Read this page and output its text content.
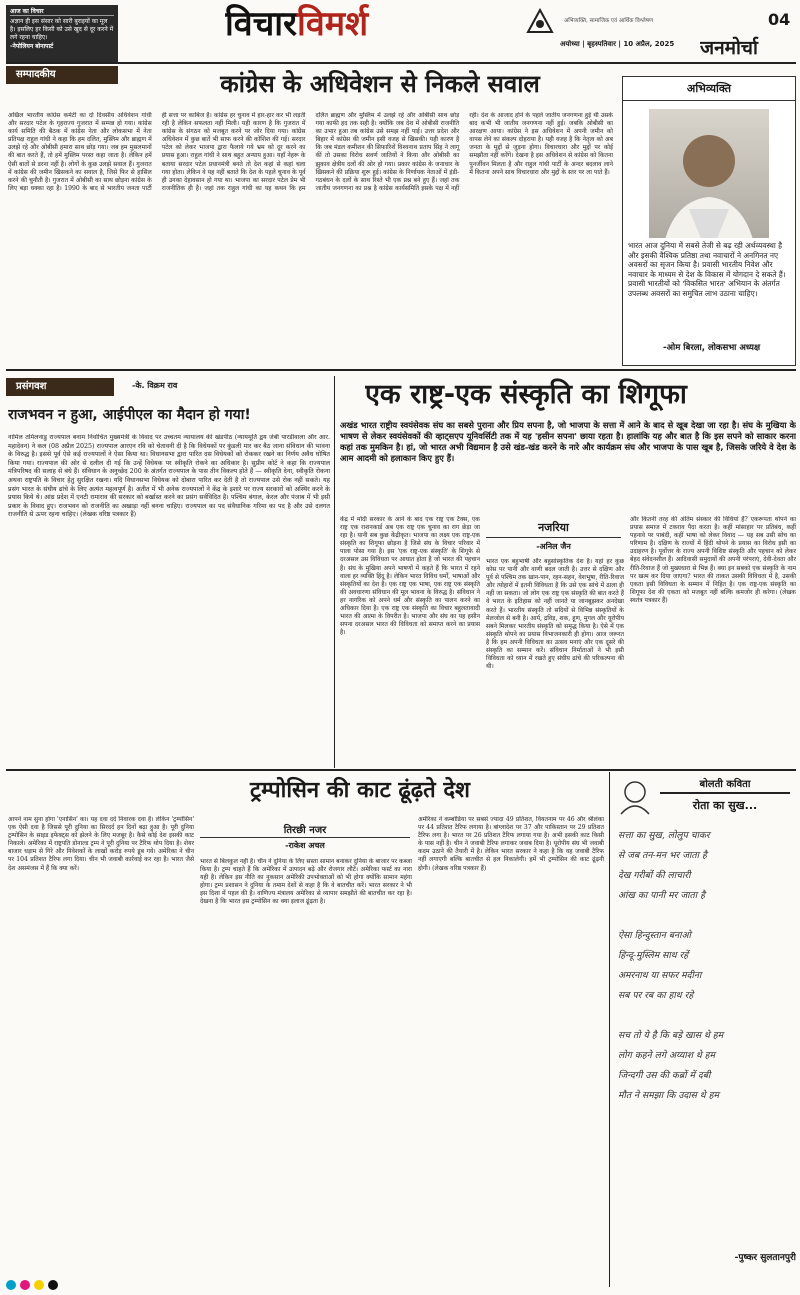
आज का विचार
अज्ञान ही इस संसार को सारी बुराइयों का मूल है। इसलिए हर किसी को उसे खुद से दूर करने में लगे रहना चाहिए।
-नेपोलियन बोनापार्ट
विचारविमर्श	अभिव्यक्ति, सामाजिक एवं आर्थिक विश्लेषण	04
अयोध्या | बृहस्पतिवार | 10 अप्रैल, 2025	जनमोर्चा
सम्पादकीय	कांग्रेस के अधिवेशन से निकले सवाल
अखिल भारतीय कांग्रेस कमेटी का दो दिवसीय अधिवेशन गांधी और सरदार पटेल के गृहराज्य गुजरात में सम्पन्न हो गया। कांग्रेस कार्य समिति की बैठक में कांग्रेस नेता और लोकसभा में नेता प्रतिपक्ष राहुल गांधी ने कहा कि हम दलित, मुस्लिम और ब्राह्मण में उलझे रहे और ओबीसी हमारा साथ छोड़ गया। जब हम मुसलमानों की बात करते हैं, तो हमें मुस्लिम परस्त कहा जाता है। लेकिन हमें ऐसी बातों से डरना नहीं है। लोगों के कुछ उलझे सवाल हैं। गुजरात में कांग्रेस की जमीन खिसकने का सवाल है, जिसे फिर से हासिल करने की चुनौती है। गुजरात में ओबीसी का साथ छोड़ना कांग्रेस के लिए बड़ा धक्का रहा है। 1990 के बाद से भारतीय जनता पार्टी ही सत्ता पर काबिज है। कांग्रेस हर चुनाव में हार-हार कर भी लड़ती रही है लेकिन सफलता नहीं मिली। यही कारण है कि गुजरात में कांग्रेस के संगठन को मजबूत करने पर जोर दिया गया। कांग्रेस अधिवेशन में कुछ बातें भी साफ करने की कोशिश की गई। सरदार पटेल को लेकर भाजपा द्वारा फैलाये गये भ्रम को दूर करने का प्रयास हुआ। राहुल गांधी ने साथ बहुत अन्याय हुआ। यहाँ नेहरू के बताया सरदार पटेल प्रधानमंत्री बनते तो देश कहां से कहां चला गया होता। लेकिन वे यह नहीं बताते कि देश के पहले चुनाव के पूर्व ही उनका देहावसान हो गया था। भाजपा का सरदार पटेल प्रेम भी राजनीतिक ही है। जहां तक राहुल गांधी का यह कथन कि हम दलित ब्राह्मण और मुस्लिम में उलझे रहे और ओबीसी साथ छोड़ गया काफी हद तक सही है। क्योंकि जब देश में ओबीसी राजनीति का उभार हुआ तब कांग्रेस उसे समझ नहीं पाई। उत्तर प्रदेश और बिहार में कांग्रेस की जमीन इसी वजह से खिसकी। यही कारण है कि जब मंडल कमीशन की सिफारिशें विश्वनाथ प्रताप सिंह ने लागू कीं तो उसका विरोध सवर्ण जातियों ने किया और ओबीसी का झुकाव क्षेत्रीय दलों की ओर हो गया। प्रकार कांग्रेस के जनाधार के खिसकने की प्रक्रिया शुरू हुई। कांग्रेस के निर्णायक नेताओं में इंडी-गठबंधन के दलों के साथ रिश्ते भी एक प्रश्न बने हुए हैं। जहां तक जातीय जनगणना का प्रश्न है कांग्रेस कार्यसमिति इसके पक्ष में नहीं रही। देश के आजाद होने के पहले जातीय जनगणना हुई थी उसके बाद कभी भी जातीय जनगणना नहीं हुई। जबकि ओबीसी का आरक्षण आया। कांग्रेस ने इस अधिवेशन में अपनी जमीन को वापस लेने का संकल्प दोहराया है। यही वजह है कि नेतृत्व को अब जनता के मुद्दों से जुड़ना होगा। विचारधारा और मुद्दों पर कोई समझौता नहीं करेंगे। देखना है इस अधिवेशन से कांग्रेस को कितना पुनर्जीवन मिलता है और राहुल गांधी पार्टी के अन्दर बदलाव लाने में कितना अपने साथ विचारधारा और मुद्दों के स्तर पर ला पाते हैं।
अभिव्यक्ति
भारत आज दुनिया में सबसे तेजी से बढ़ रही अर्थव्यवस्था है और इसकी वैश्विक प्रतिष्ठा तथा नवाचारों ने अनगिनत नए अवसरों का सृजन किया है। प्रवासी भारतीय निवेश और नवाचार के माध्यम से देश के विकास में योगदान दे सकते हैं। प्रवासी भारतीयों को 'विकसित भारत' अभियान के अंतर्गत उपलब्ध अवसरों का समुचित लाभ उठाना चाहिए।
-ओम बिरला, लोकसभा अध्यक्ष
प्रसंगवश	-के. विक्रम राव
राजभवन न हुआ, आईपीएल का मैदान हो गया!
नामिल तमिलनाडु राज्यपाल बनाम निर्वाचित मुख्यमंत्री के विवाद पर उच्चतम न्यायालय की खंडपीठ (न्यायमूर्ति द्वय जेबी पारडीवाला और आर. महादेवन) ने कल (08 अप्रैल 2025) राज्यपाल आरएन रवि को चेतावनी दी है कि विधेयकों पर कुंडली मार कर बैठ जाना संविधान की भावना के विरुद्ध है। इससे पूर्व ऐसे कई राज्यपालों ने ऐसा किया था। विधानसभा द्वारा पारित दस विधेयकों को रोककर रखने का निर्णय अवैध घोषित किया गया। राज्यपाल की ओर से दलील दी गई कि उन्हें विधेयक पर स्वीकृति रोकने का अधिकार है। सुप्रीम कोर्ट ने कहा कि राज्यपाल मंत्रिपरिषद की सलाह से बंधे हैं। संविधान के अनुच्छेद 200 के अंतर्गत राज्यपाल के पास तीन विकल्प होते हैं — स्वीकृति देना, स्वीकृति रोकना अथवा राष्ट्रपति के विचार हेतु सुरक्षित रखना। यदि विधानसभा विधेयक को दोबारा पारित कर देती है तो राज्यपाल उसे रोक नहीं सकते। यह प्रसंग भारत के संघीय ढांचे के लिए अत्यंत महत्वपूर्ण है। अतीत में भी अनेक राज्यपालों ने केंद्र के इशारे पर राज्य सरकारों को अस्थिर करने के प्रयास किये थे। आंध्र प्रदेश में एनटी रामाराव की सरकार को बर्खास्त करने का प्रसंग सर्वविदित है। पश्चिम बंगाल, केरल और पंजाब में भी इसी प्रकार के विवाद हुए। राजभवन को राजनीति का अखाड़ा नहीं बनना चाहिए। राज्यपाल का पद संवैधानिक गरिमा का पद है और उसे दलगत राजनीति से ऊपर रहना चाहिए। (लेखक वरिष्ठ पत्रकार हैं)
एक राष्ट्र-एक संस्कृति का शिगूफा
अखंड भारत राष्ट्रीय स्वयंसेवक संघ का सबसे पुराना और प्रिय सपना है, जो भाजपा के सत्ता में आने के बाद से खूब देखा जा रहा है। संघ के मुखिया के भाषण से लेकर स्वयंसेवकों की व्हाट्सएप यूनिवर्सिटी तक में यह 'हसीन सपना' छाया रहता है। हालांकि यह और बात है कि इस सपने को साकार करना कहां तक मुमकिन है। हां, जो भारत अभी विद्यमान है उसे खंड-खंड करने के नारे और कार्यक्रम संघ और भाजपा के पास खूब है, जिसके जरिये वे देश के आम आदमी को हलाकान किए हुए हैं।
केंद्र में मोदी सरकार के आने के बाद एक राष्ट्र एक टैक्स, एक राष्ट्र एक राशनकार्ड अब एक राष्ट्र एक चुनाव का राग छेड़ा जा रहा है। यानी सब कुछ केंद्रीकृत। भाजपा का लक्ष्य एक राष्ट्र-एक संस्कृति का शिगूफा छोड़ना है जिसे संघ के विचार परिवार में पाला पोसा गया है। इस 'एक राष्ट्र-एक संस्कृति' के शिगूफे से दरअसल उस विविधता पर आघात होता है जो भारत की पहचान है। संघ के मुखिया अपने भाषणों में कहते हैं कि भारत में रहने वाला हर व्यक्ति हिंदू है। लेकिन भारत विविध धर्मों, भाषाओं और संस्कृतियों का देश है। एक राष्ट्र एक भाषा, एक राष्ट्र एक संस्कृति की अवधारणा संविधान की मूल भावना के विरुद्ध है। संविधान ने हर नागरिक को अपने धर्म और संस्कृति का पालन करने का अधिकार दिया है। एक राष्ट्र एक संस्कृति का विचार बहुलतावादी भारत की आत्मा के विपरीत है। भाजपा और संघ का यह हसीन सपना दरअसल भारत की विविधता को समाप्त करने का प्रयास है।
नजरिया
-अनिल जैन
भारत एक बहुभाषी और बहुसांस्कृतिक देश है। यहां हर कुछ कोस पर पानी और वाणी बदल जाती है। उत्तर से दक्षिण और पूर्व से पश्चिम तक खान-पान, रहन-सहन, वेशभूषा, रीति-रिवाज और त्योहारों में इतनी विविधता है कि उसे एक सांचे में ढाला ही नहीं जा सकता। जो लोग एक राष्ट्र एक संस्कृति की बात करते हैं वे भारत के इतिहास को नहीं जानते या जानबूझकर अनदेखा करते हैं। भारतीय संस्कृति तो सदियों से विभिन्न संस्कृतियों के मेलजोल से बनी है। आर्य, द्रविड़, शक, हूण, मुगल और यूरोपीय सबने मिलकर भारतीय संस्कृति को समृद्ध किया है। ऐसे में एक संस्कृति थोपने का प्रयास विभाजनकारी ही होगा। आज जरूरत है कि हम अपनी विविधता का उत्सव मनाएं और एक दूसरे की संस्कृति का सम्मान करें। संविधान निर्माताओं ने भी इसी विविधता को ध्यान में रखते हुए संघीय ढांचे की परिकल्पना की थी।
और कितनी तरह की अंतिम संस्कार की विधियां हैं? एकरूपता थोपने का प्रयास समाज में टकराव पैदा करता है। कहीं मांसाहार पर प्रतिबंध, कहीं पहनावे पर पाबंदी, कहीं भाषा को लेकर विवाद — यह सब उसी सोच का परिणाम है। दक्षिण के राज्यों में हिंदी थोपने के प्रयास का विरोध इसी का उदाहरण है। पूर्वोत्तर के राज्य अपनी विशिष्ट संस्कृति और पहचान को लेकर बेहद संवेदनशील हैं। आदिवासी समुदायों की अपनी परंपराएं, देवी-देवता और रीति-रिवाज हैं जो मुख्यधारा से भिन्न हैं। क्या इन सबको एक संस्कृति के नाम पर खत्म कर दिया जाएगा? भारत की ताकत उसकी विविधता में है, उसकी एकता इसी विविधता के सम्मान में निहित है। एक राष्ट्र-एक संस्कृति का शिगूफा देश की एकता को मजबूत नहीं बल्कि कमजोर ही करेगा। (लेखक स्वतंत्र पत्रकार हैं)
ट्रम्पोसिन की काट ढूंढ़ते देश
आपने नाम सुना होगा 'एनासिन' का। यह दवा दर्द निवारक दवा है। लेकिन 'ट्रम्पोसिन' एक ऐसी दवा है जिससे पूरी दुनिया का सिरदर्द हन दिनों बढ़ा हुआ है। पूरी दुनिया ट्रम्पोसिन के साइड इफेक्ट्स को झेलने के लिए मजबूर है। कैसे कोई देश इसकी काट निकाले। अमेरिका में राष्ट्रपति डोनाल्ड ट्रम्प ने पूरी दुनिया पर टैरिफ थोप दिया है। शेयर बाजार धड़ाम से गिरे और निवेशकों के लाखों करोड़ रुपये डूब गये। अमेरिका ने चीन पर 104 प्रतिशत टैरिफ लगा दिया। चीन भी जवाबी कार्रवाई कर रहा है। भारत जैसे देश असमंजस में हैं कि क्या करें।
तिरछी नजर
-राकेश अचल
भारत से बिलकुल नहीं है। चीन ने दुनिया के लिए सस्ता सामान बनाकर दुनिया के बाजार पर कब्जा किया है। ट्रम्प चाहते हैं कि अमेरिका में उत्पादन बढ़े और रोजगार लौटें। अमेरिका फर्स्ट का नारा यही है। लेकिन इस नीति का नुकसान अमेरिकी उपभोक्ताओं को भी होगा क्योंकि सामान महंगा होगा। ट्रम्प प्रशासन ने दुनिया के तमाम देशों से कहा है कि वे बातचीत करें। भारत सरकार ने भी इस दिशा में पहल की है। वाणिज्य मंत्रालय अमेरिका से व्यापार समझौते की बातचीत कर रहा है। देखना है कि भारत इस ट्रम्पोसिन का क्या इलाज ढूंढ़ता है।
अमेरिका ने कम्बोडिया पर सबसे ज्यादा 49 प्रतिशत, वियतनाम पर 46 और श्रीलंका पर 44 प्रतिशत टैरिफ लगाया है। बांग्लादेश पर 37 और पाकिस्तान पर 29 प्रतिशत टैरिफ लगा है। भारत पर 26 प्रतिशत टैरिफ लगाया गया है। अभी इसकी काट किसी के पास नहीं है। चीन ने जवाबी टैरिफ लगाकर जवाब दिया है। यूरोपीय संघ भी जवाबी कदम उठाने की तैयारी में है। लेकिन भारत सरकार ने कहा है कि वह जवाबी टैरिफ नहीं लगाएगी बल्कि बातचीत से हल निकालेगी। हमें भी ट्रम्पोसिन की काट ढूंढ़नी होगी। (लेखक वरिष्ठ पत्रकार हैं)
बोलती कविता
रोता का सुख...
सत्ता का सुख, लोलुप चाकर
से जब तन-मन भर जाता है
देख गरीबों की लाचारी
आंख का पानी मर जाता है
ऐसा हिन्दुस्तान बनाओ
हिन्दू-मुस्लिम साथ रहें
अमरनाथ या सफर मदीना
सब पर रब का हाथ रहे
सच तो ये है कि बड़े खास थे हम
लोग कहने लगे अय्याश थे हम
जिन्दगी उस की कब्रों में दबी
मौत ने समझा कि उदास थे हम
-पुष्कर सुलतानपुरी
